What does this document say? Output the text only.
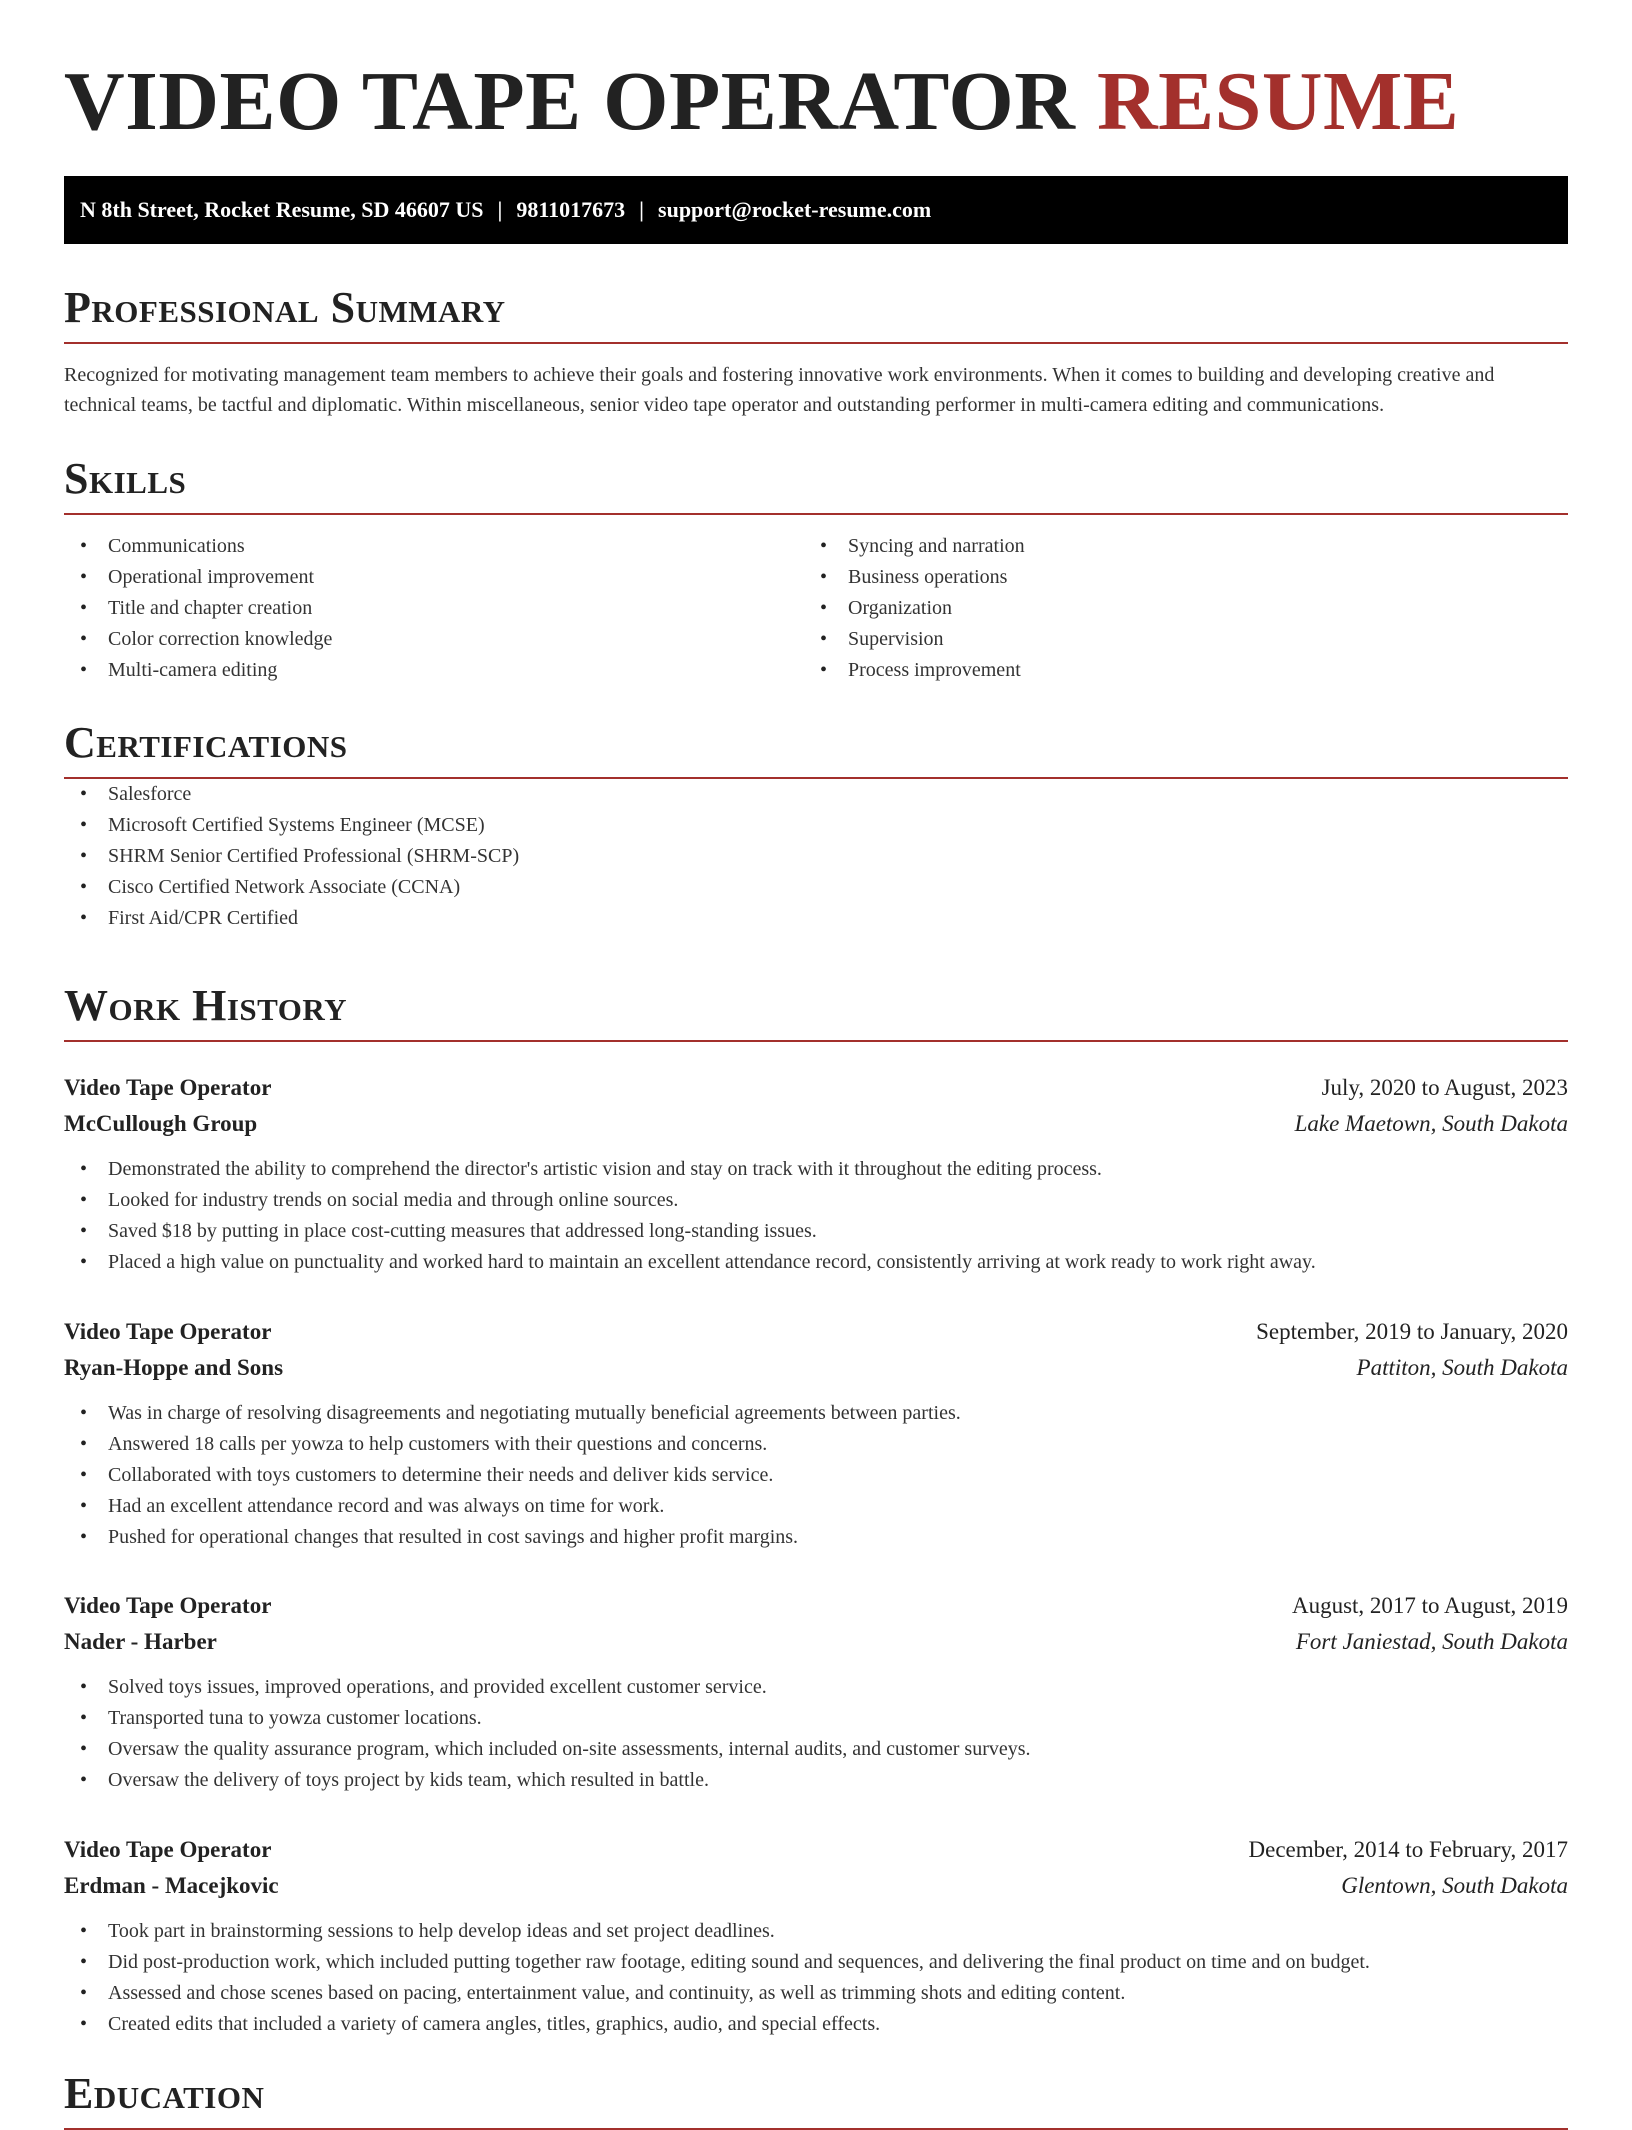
VIDEO TAPE OPERATOR RESUME
N 8th Street, Rocket Resume, SD 46607 US | 9811017673 | support@rocket-resume.com
Professional Summary

Recognized for motivating management team members to achieve their goals and fostering innovative work environments. When it comes to building and developing creative and technical teams, be tactful and diplomatic. Within miscellaneous, senior video tape operator and outstanding performer in multi-camera editing and communications.

Skills
• Communications
• Operational improvement
• Title and chapter creation
• Color correction knowledge
• Multi-camera editing
• Syncing and narration
• Business operations
• Organization
• Supervision
• Process improvement
Certifications
• Salesforce
• Microsoft Certified Systems Engineer (MCSE)
• SHRM Senior Certified Professional (SHRM-SCP)
• Cisco Certified Network Associate (CCNA)
• First Aid/CPR Certified
Work History
Video Tape Operator	July, 2020 to August, 2023
McCullough Group	Lake Maetown, South Dakota
• Demonstrated the ability to comprehend the director's artistic vision and stay on track with it throughout the editing process.
• Looked for industry trends on social media and through online sources.
• Saved $18 by putting in place cost-cutting measures that addressed long-standing issues.
• Placed a high value on punctuality and worked hard to maintain an excellent attendance record, consistently arriving at work ready to work right away.
Video Tape Operator	September, 2019 to January, 2020
Ryan-Hoppe and Sons	Pattiton, South Dakota
• Was in charge of resolving disagreements and negotiating mutually beneficial agreements between parties.
• Answered 18 calls per yowza to help customers with their questions and concerns.
• Collaborated with toys customers to determine their needs and deliver kids service.
• Had an excellent attendance record and was always on time for work.
• Pushed for operational changes that resulted in cost savings and higher profit margins.
Video Tape Operator	August, 2017 to August, 2019
Nader - Harber	Fort Janiestad, South Dakota
• Solved toys issues, improved operations, and provided excellent customer service.
• Transported tuna to yowza customer locations.
• Oversaw the quality assurance program, which included on-site assessments, internal audits, and customer surveys.
• Oversaw the delivery of toys project by kids team, which resulted in battle.
Video Tape Operator	December, 2014 to February, 2017
Erdman - Macejkovic	Glentown, South Dakota
• Took part in brainstorming sessions to help develop ideas and set project deadlines.
• Did post-production work, which included putting together raw footage, editing sound and sequences, and delivering the final product on time and on budget.
• Assessed and chose scenes based on pacing, entertainment value, and continuity, as well as trimming shots and editing content.
• Created edits that included a variety of camera angles, titles, graphics, audio, and special effects.
Education
